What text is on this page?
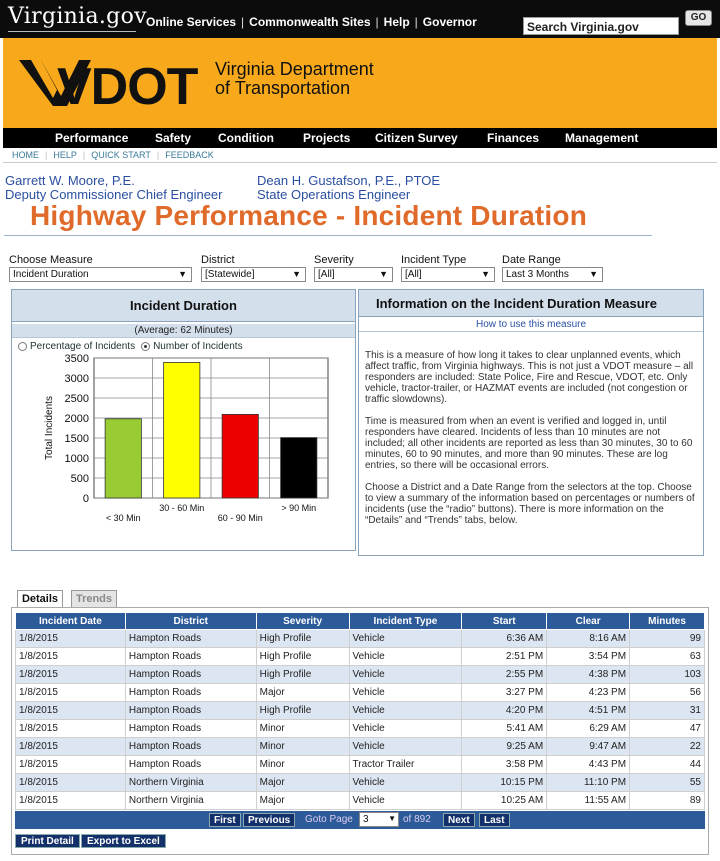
Virginia.gov Online Services | Commonwealth Sites | Help | Governor	Search Virginia.gov
GO
VDOT Virginia Department
of Transportation
Performance Safety Condition Projects Citizen Survey Finances Management
HOME | HELP | QUICK START | FEEDBACK
Garrett W. Moore, P.E.
Deputy Commissioner Chief Engineer
Dean H. Gustafson, P.E., PTOE
State Operations Engineer
Highway Performance - Incident Duration
Choose Measure
Incident Duration	▼
District
[Statewide]	▼
Severity
[All]	▼
Incident Type
[All]	▼
Date Range
Last 3 Months ▼
Incident Duration
(Average: 62 Minutes)
Percentage of Incidents	Number of Incidents
0
500
1000
1500
2000
2500
3000
3500
< 30 Min
30 - 60 Min
60 - 90 Min
> 90 Min
Total Incidents
Information on the Incident Duration Measure
How to use this measure

This is a measure of how long it takes to clear unplanned events, which affect traffic, from Virginia highways. This is not just a VDOT measure – all responders are included: State Police, Fire and Rescue, VDOT, etc. Only vehicle, tractor-trailer, or HAZMAT events are included (not congestion or traffic slowdowns).

Time is measured from when an event is verified and logged in, until responders have cleared. Incidents of less than 10 minutes are not included; all other incidents are reported as less than 30 minutes, 30 to 60 minutes, 60 to 90 minutes, and more than 90 minutes. These are log entries, so there will be occasional errors.

Choose a District and a Date Range from the selectors at the top. Choose to view a summary of the information based on percentages or numbers of incidents (use the “radio” buttons). There is more information on the “Details” and “Trends” tabs, below.

Details	Trends
Incident Date	District	Severity	Incident Type	Start	Clear	Minutes
1/8/2015	Hampton Roads	High Profile	Vehicle	6:36 AM	8:16 AM	99
1/8/2015	Hampton Roads	High Profile	Vehicle	2:51 PM	3:54 PM	63
1/8/2015	Hampton Roads	High Profile	Vehicle	2:55 PM	4:38 PM	103
1/8/2015	Hampton Roads	Major	Vehicle	3:27 PM	4:23 PM	56
1/8/2015	Hampton Roads	High Profile	Vehicle	4:20 PM	4:51 PM	31
1/8/2015	Hampton Roads	Minor	Vehicle	5:41 AM	6:29 AM	47
1/8/2015	Hampton Roads	Minor	Vehicle	9:25 AM	9:47 AM	22
1/8/2015	Hampton Roads	Minor	Tractor Trailer	3:58 PM	4:43 PM	44
1/8/2015	Northern Virginia	Major	Vehicle	10:15 PM	11:10 PM	55
1/8/2015	Northern Virginia	Major	Vehicle	10:25 AM	11:55 AM	89
First	Previous	Goto Page	3 ▼ of 892	Next	Last
Print Detail	Export to Excel
